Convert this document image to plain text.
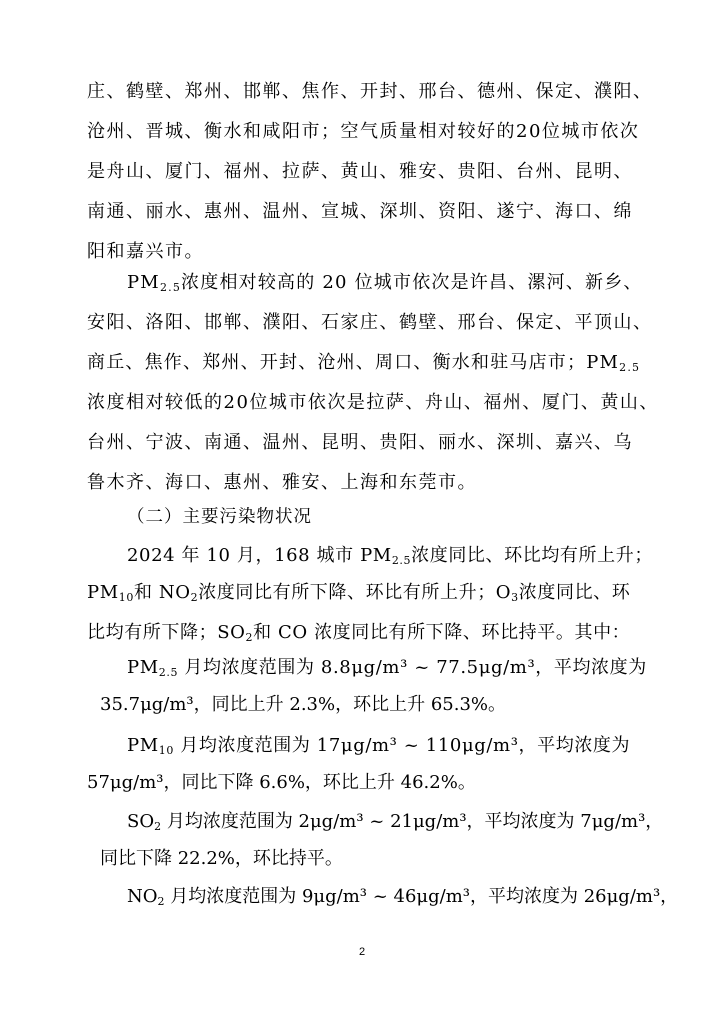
庄、鹤壁、郑州、邯郸、焦作、开封、邢台、德州、保定、濮阳、
沧州、晋城、衡水和咸阳市；空气质量相对较好的20位城市依次
是舟山、厦门、福州、拉萨、黄山、雅安、贵阳、台州、昆明、
南通、丽水、惠州、温州、宣城、深圳、资阳、遂宁、海口、绵
阳和嘉兴市。
$PM_{2.5}$浓度相对较高的 20 位城市依次是许昌、漯河、新乡、
安阳、洛阳、邯郸、濮阳、石家庄、鹤壁、邢台、保定、平顶山、
商丘、焦作、郑州、开封、沧州、周口、衡水和驻马店市；$PM_{2.5}$
浓度相对较低的20位城市依次是拉萨、舟山、福州、厦门、黄山、
台州、宁波、南通、温州、昆明、贵阳、丽水、深圳、嘉兴、乌
鲁木齐、海口、惠州、雅安、上海和东莞市。
（二）主要污染物状况
2024 年 10 月，168 城市 $PM_{2.5}$浓度同比、环比均有所上升；
$PM_{10}$和 $NO_2$浓度同比有所下降、环比有所上升；$O_3$浓度同比、环
比均有所下降；$SO_2$和 CO 浓度同比有所下降、环比持平。其中：
$PM_{2.5}$ 月均浓度范围为 8.8μg/m³ ~ 77.5μg/m³，平均浓度为
35.7μg/m³，同比上升 2.3%，环比上升 65.3%。
$PM_{10}$ 月均浓度范围为 17μg/m³ ~ 110μg/m³，平均浓度为
57μg/m³，同比下降 6.6%，环比上升 46.2%。
$SO_2$ 月均浓度范围为 2μg/m³ ~ 21μg/m³，平均浓度为 7μg/m³，
同比下降 22.2%，环比持平。
$NO_2$ 月均浓度范围为 9μg/m³ ~ 46μg/m³，平均浓度为 26μg/m³，
2
